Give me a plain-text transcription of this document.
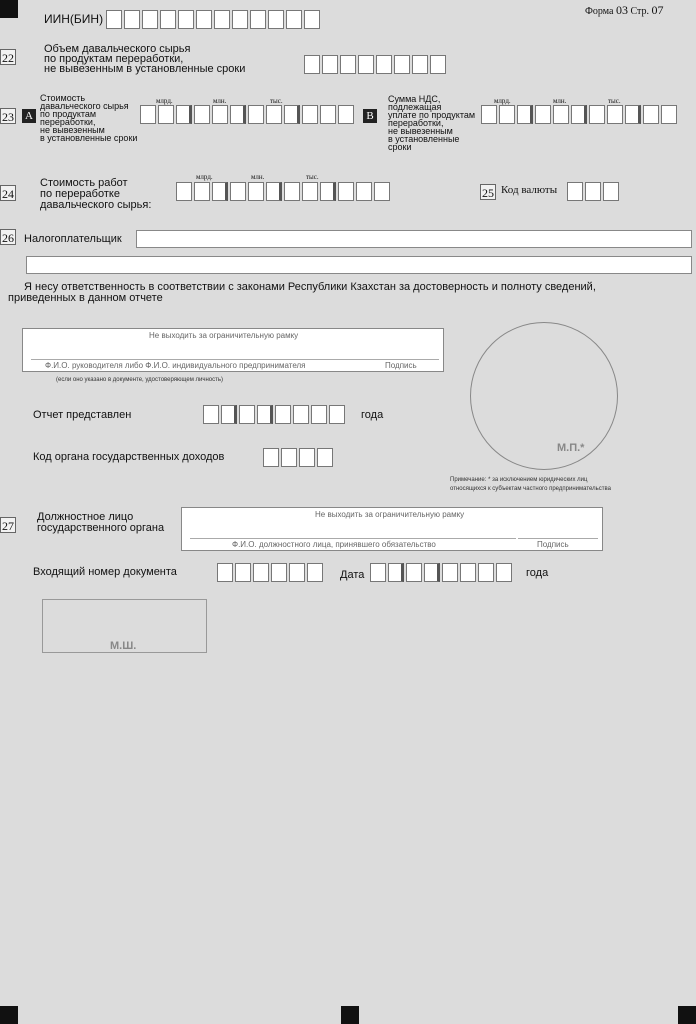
ИИН(БИН)
Форма 03 Стр. 07
22
Объем давальческого сырья
по продуктам переработки,
не вывезенным в установленные сроки
23 A
Стоимость
давальческого сырья
по продуктам
переработки,
не вывезенным
в установленные сроки
млрд.	млн.	тыс.
B
Сумма НДС,
подлежащая
уплате по продуктам
переработки,
не вывезенным
в установленные
сроки
млрд.	млн.	тыс.
24
Стоимость работ
по переработке
давальческого сырья:
млрд.	млн.	тыс.
25 Код валюты
26 Налогоплательщик
Я несу ответственность в соответствии с законами Республики Кзахстан за достоверность и полноту сведений,
приведенных в данном отчете
Не выходить за ограничительную рамку
Ф.И.О. руководителя либо Ф.И.О. индивидуального предпринимателя	Подпись
(если оно указано в документе, удостоверяющем личность)
Отчет представлен	года
Код органа государственных доходов
М.П.*
Примечание: * за исключением юридических лиц
относящихся к субъектам частного предпринимательства
27
Должностное лицо
государственного органа
Не выходить за ограничительную рамку
Ф.И.О. должностного лица, принявшего обязательство	Подпись
Входящий номер документа	Дата	года
М.Ш.
